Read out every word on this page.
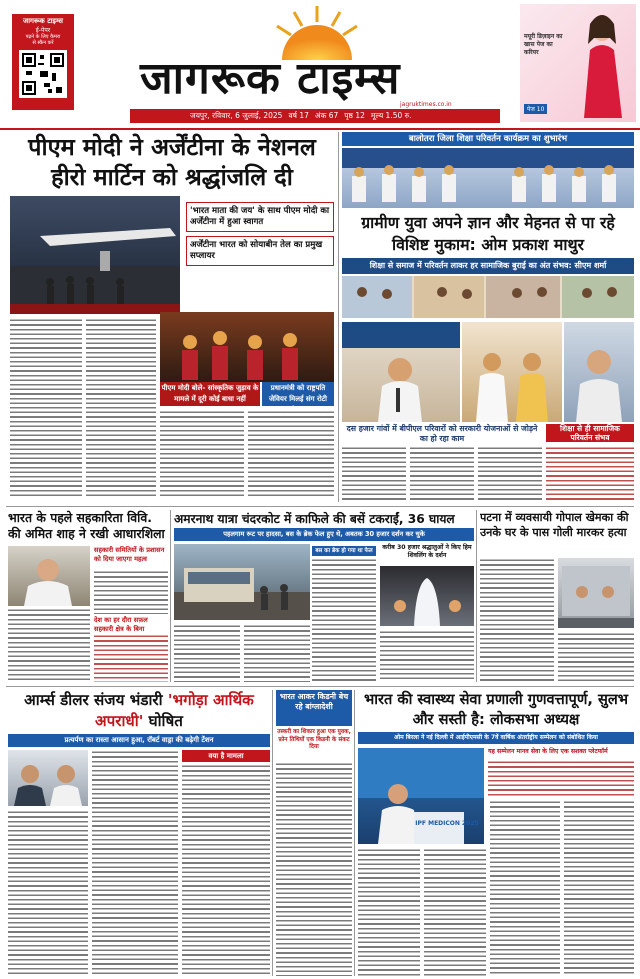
जागरूक टाइम्स
ई-पेपर
पढ़ने के लिए कैमरा
से स्कैन करें
जागरूक टाइम्स
jagruktimes.co.in
जयपुर, रविवार, 6 जुलाई, 2025 वर्ष 17 अंक 67 पृष्ठ 12 मूल्य 1.50 रु.
मयूरी डिज़ाइन का खास पेज का करियर
पेज 10
पीएम मोदी ने अर्जेंटीना के नेशनल हीरो मार्टिन को श्रद्धांजलि दी
'भारत माता की जय' के साथ पीएम मोदी का अर्जेंटीना में हुआ स्वागत
अर्जेंटीना भारत को सोयाबीन तेल का प्रमुख सप्लायर
पीएम मोदी बोले- सांस्कृतिक जुड़ाव के मामले में दूरी कोई बाधा नहीं
प्रधानमंत्री को राष्ट्रपति जेवियर मिलई संग रोटी
बालोतरा जिला शिक्षा परिवर्तन कार्यक्रम का शुभारंभ
ग्रामीण युवा अपने ज्ञान और मेहनत से पा रहे विशिष्ट मुकाम: ओम प्रकाश माथुर
शिक्षा से समाज में परिवर्तन लाकर हर सामाजिक बुराई का अंत संभव: सीएम शर्मा
दस हजार गांवों में बीपीएल परिवारों को सरकारी योजनाओं से जोड़ने का हो रहा काम
शिक्षा से ही सामाजिक परिवर्तन संभव
भारत के पहले सहकारिता विवि. की अमित शाह ने रखी आधारशिला
सहकारी समितियों के प्रशासन को दिया जाएगा महत्व
देश का हर दौरा सफ़ल सहकारी क्षेत्र के बिना
अमरनाथ यात्रा चंदरकोट में काफिले की बसें टकराईं, 36 घायल
पहलगाम रूट पर हादसा, बस के ब्रेक फेल हुए थे, अबतक 30 हजार दर्शन कर चुके
बस का ब्रेक हो गया था फेल	करीब 30 हजार श्रद्धालुओं ने किए हिम शिवलिंग के दर्शन
पटना में व्यवसायी गोपाल खेमका की उनके घर के पास गोली मारकर हत्या
आर्म्स डीलर संजय भंडारी 'भगोड़ा आर्थिक अपराधी' घोषित
प्रत्यर्पण का रास्ता आसान हुआ, रॉबर्ट वाड्रा की बढ़ेगी टेंशन
वया है मामला
भारत आकर किडनी बेच रहे बांग्लादेशी
तस्करी का शिकार हुआ एक युवक, फ़ोन तिथियों एक किडनी के संकट दिया
भारत की स्वास्थ्य सेवा प्रणाली गुणवत्तापूर्ण, सुलभ और सस्ती है: लोकसभा अध्यक्ष
ओम बिरला ने नई दिल्ली में आईपीएमसी के 7वें वार्षिक अंतर्राष्ट्रीय सम्मेलन को संबोधित किया
IPF MEDICON 2025
यह सम्मेलन मानव सेवा के लिए एक सशक्त प्लेटफॉर्म
